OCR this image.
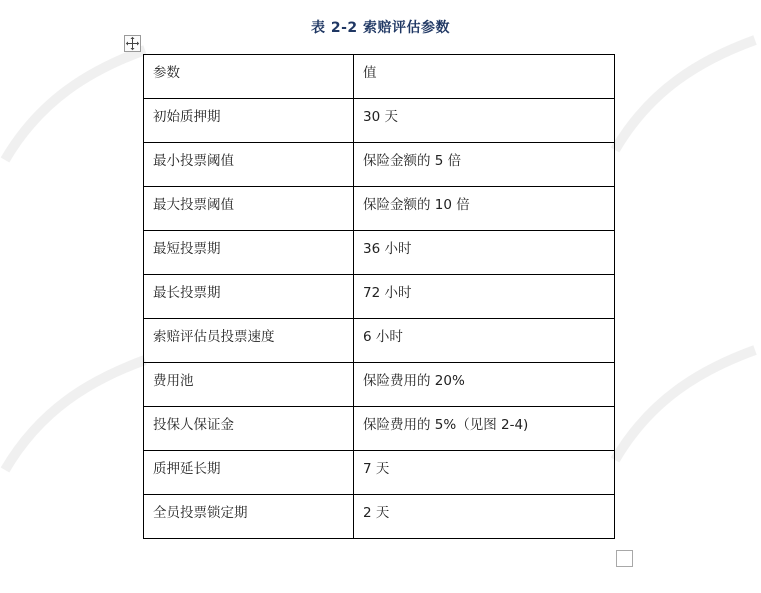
表 2-2 索赔评估参数
参数	值

初始质押期	30 天

最小投票阈值	保险金额的 5 倍

最大投票阈值	保险金额的 10 倍

最短投票期	36 小时

最长投票期	72 小时

索赔评估员投票速度	6 小时

费用池	保险费用的 20%

投保人保证金	保险费用的 5%（见图 2-4)

质押延长期	7 天

全员投票锁定期	2 天
